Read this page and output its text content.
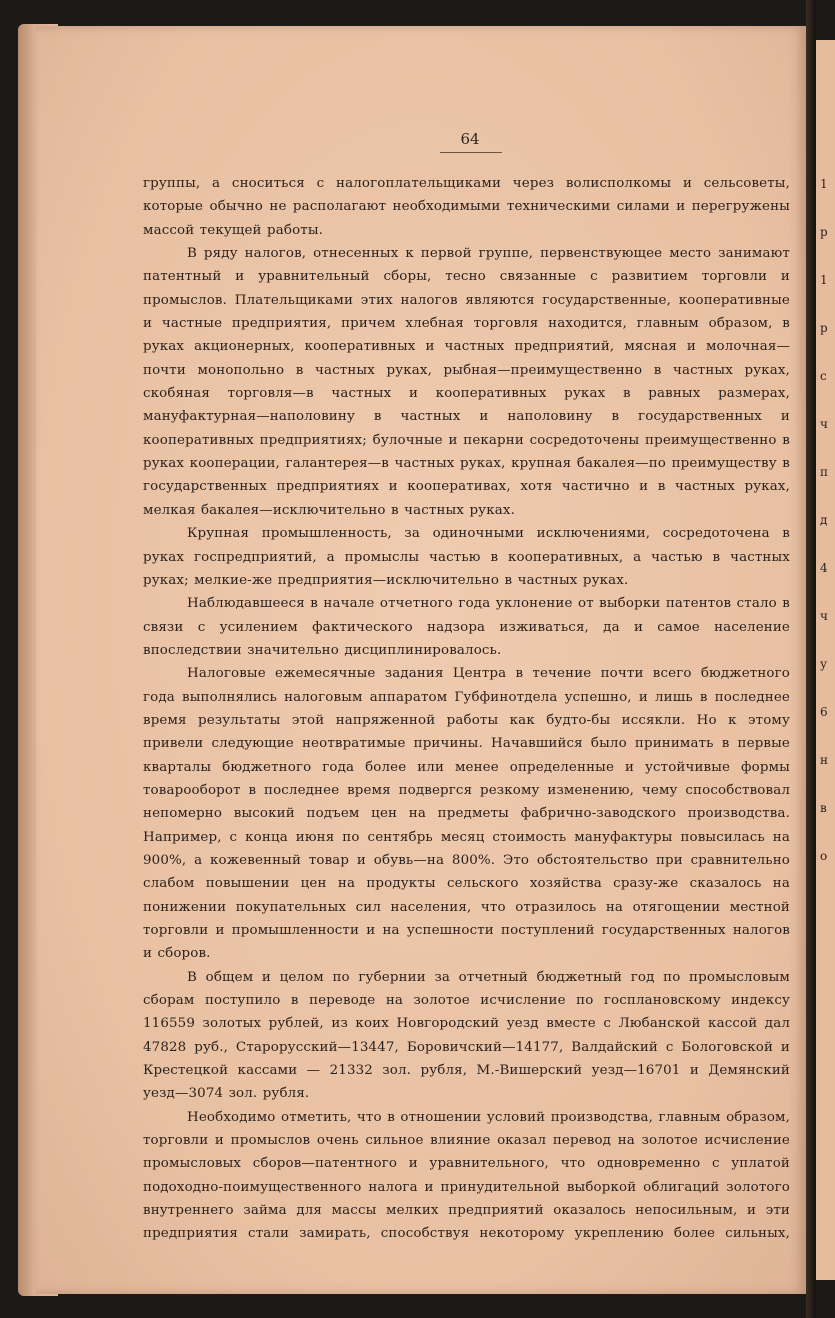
64

группы, а сноситься с налогоплательщиками через волисполкомы и сельсоветы, которые обычно не располагают необходимыми техническими силами и перегружены массой текущей работы.

В ряду налогов, отнесенных к первой группе, первенствующее место занимают патентный и уравнительный сборы, тесно связанные с развитием торговли и промыслов. Плательщиками этих налогов являются государственные, кооперативные и частные предприятия, причем хлебная торговля находится, главным образом, в руках акционерных, кооперативных и частных предприятий, мясная и молочная—почти монопольно в частных руках, рыбная—преимущественно в частных руках, скобяная торговля—в частных и кооперативных руках в равных размерах, мануфактурная—наполовину в частных и наполовину в государственных и кооперативных предприятиях; булочные и пекарни сосредоточены преимущественно в руках кооперации, галантерея—в частных руках, крупная бакалея—по преимуществу в государственных предприятиях и кооперативах, хотя частично и в частных руках, мелкая бакалея—исключительно в частных руках.

Крупная промышленность, за одиночными исключениями, сосредоточена в руках госпредприятий, а промыслы частью в кооперативных, а частью в частных руках; мелкие-же предприятия—исключительно в частных руках.

Наблюдавшееся в начале отчетного года уклонение от выборки патентов стало в связи с усилением фактического надзора изживаться, да и самое население впоследствии значительно дисциплинировалось.

Налоговые ежемесячные задания Центра в течение почти всего бюджетного года выполнялись налоговым аппаратом Губфинотдела успешно, и лишь в последнее время результаты этой напряженной работы как будто-бы иссякли. Но к этому привели следующие неотвратимые причины. Начавшийся было принимать в первые кварталы бюджетного года более или менее определенные и устойчивые формы товарооборот в последнее время подвергся резкому изменению, чему способствовал непомерно высокий подъем цен на предметы фабрично-заводского производства. Например, с конца июня по сентябрь месяц стоимость мануфактуры повысилась на 900%, а кожевенный товар и обувь—на 800%. Это обстоятельство при сравнительно слабом повышении цен на продукты сельского хозяйства сразу-же сказалось на понижении покупательных сил населения, что отразилось на отягощении местной торговли и промышленности и на успешности поступлений государственных налогов и сборов.

В общем и целом по губернии за отчетный бюджетный год по промысловым сборам поступило в переводе на золотое исчисление по госплановскому индексу 116559 золотых рублей, из коих Новгородский уезд вместе с Любанской кассой дал 47828 руб., Старорусский—13447, Боровичский—14177, Валдайский с Бологовской и Крестецкой кассами — 21332 зол. рубля, М.-Вишерский уезд—16701 и Демянский уезд—3074 зол. рубля.

Необходимо отметить, что в отношении условий производства, главным образом, торговли и промыслов очень сильное влияние оказал перевод на золотое исчисление промысловых сборов—патентного и уравнительного, что одновременно с уплатой подоходно-поимущественного налога и принудительной выборкой облигаций золотого внутреннего займа для массы мелких предприятий оказалось непосильным, и эти предприятия стали замирать, способствуя некоторому укреплению более сильных,

1
р
1
р
с
ч
п
д
4
ч
у
6
н
в
о
